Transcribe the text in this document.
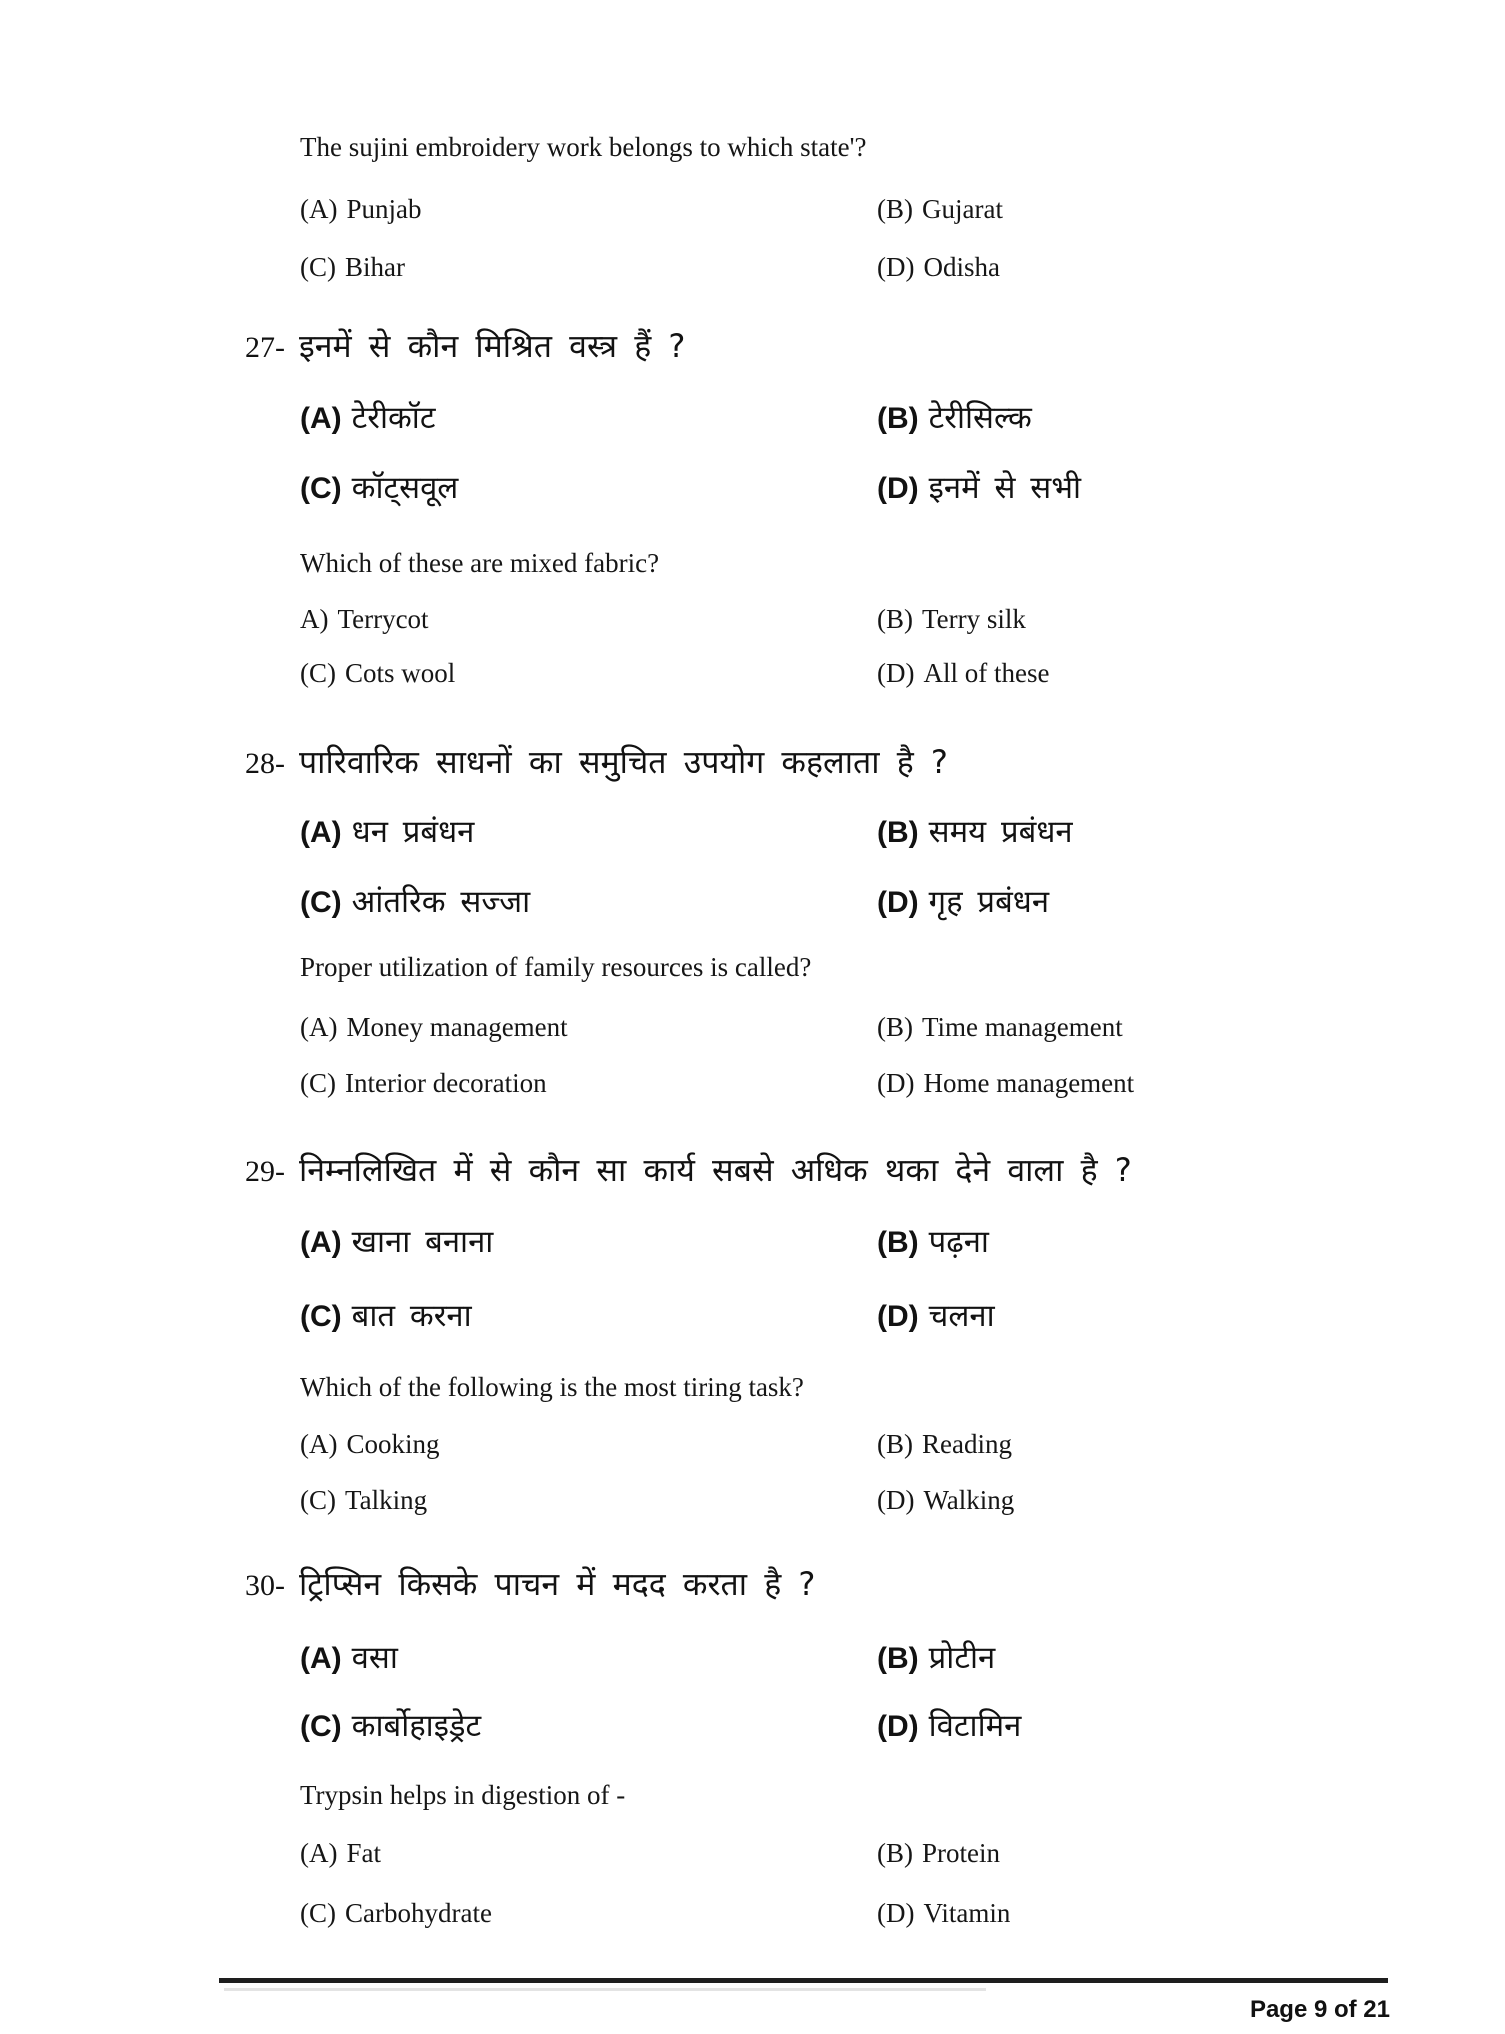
The sujini embroidery work belongs to which state'?
(A) Punjab	(B) Gujarat
(C) Bihar	(D) Odisha
27- इनमें से कौन मिश्रित वस्त्र हैं ?
(A) टेरीकॉट	(B) टेरीसिल्क
(C) कॉट्सवूल	(D) इनमें से सभी
Which of these are mixed fabric?
A) Terrycot	(B) Terry silk
(C) Cots wool	(D) All of these
28- पारिवारिक साधनों का समुचित उपयोग कहलाता है ?
(A) धन प्रबंधन	(B) समय प्रबंधन
(C) आंतरिक सज्जा	(D) गृह प्रबंधन
Proper utilization of family resources is called?
(A) Money management	(B) Time management
(C) Interior decoration	(D) Home management
29- निम्नलिखित में से कौन सा कार्य सबसे अधिक थका देने वाला है ?
(A) खाना बनाना	(B) पढ़ना
(C) बात करना	(D) चलना
Which of the following is the most tiring task?
(A) Cooking	(B) Reading
(C) Talking	(D) Walking
30- ट्रिप्सिन किसके पाचन में मदद करता है ?
(A) वसा	(B) प्रोटीन
(C) कार्बोहाइड्रेट	(D) विटामिन
Trypsin helps in digestion of -
(A) Fat	(B) Protein
(C) Carbohydrate	(D) Vitamin
Page 9 of 21
